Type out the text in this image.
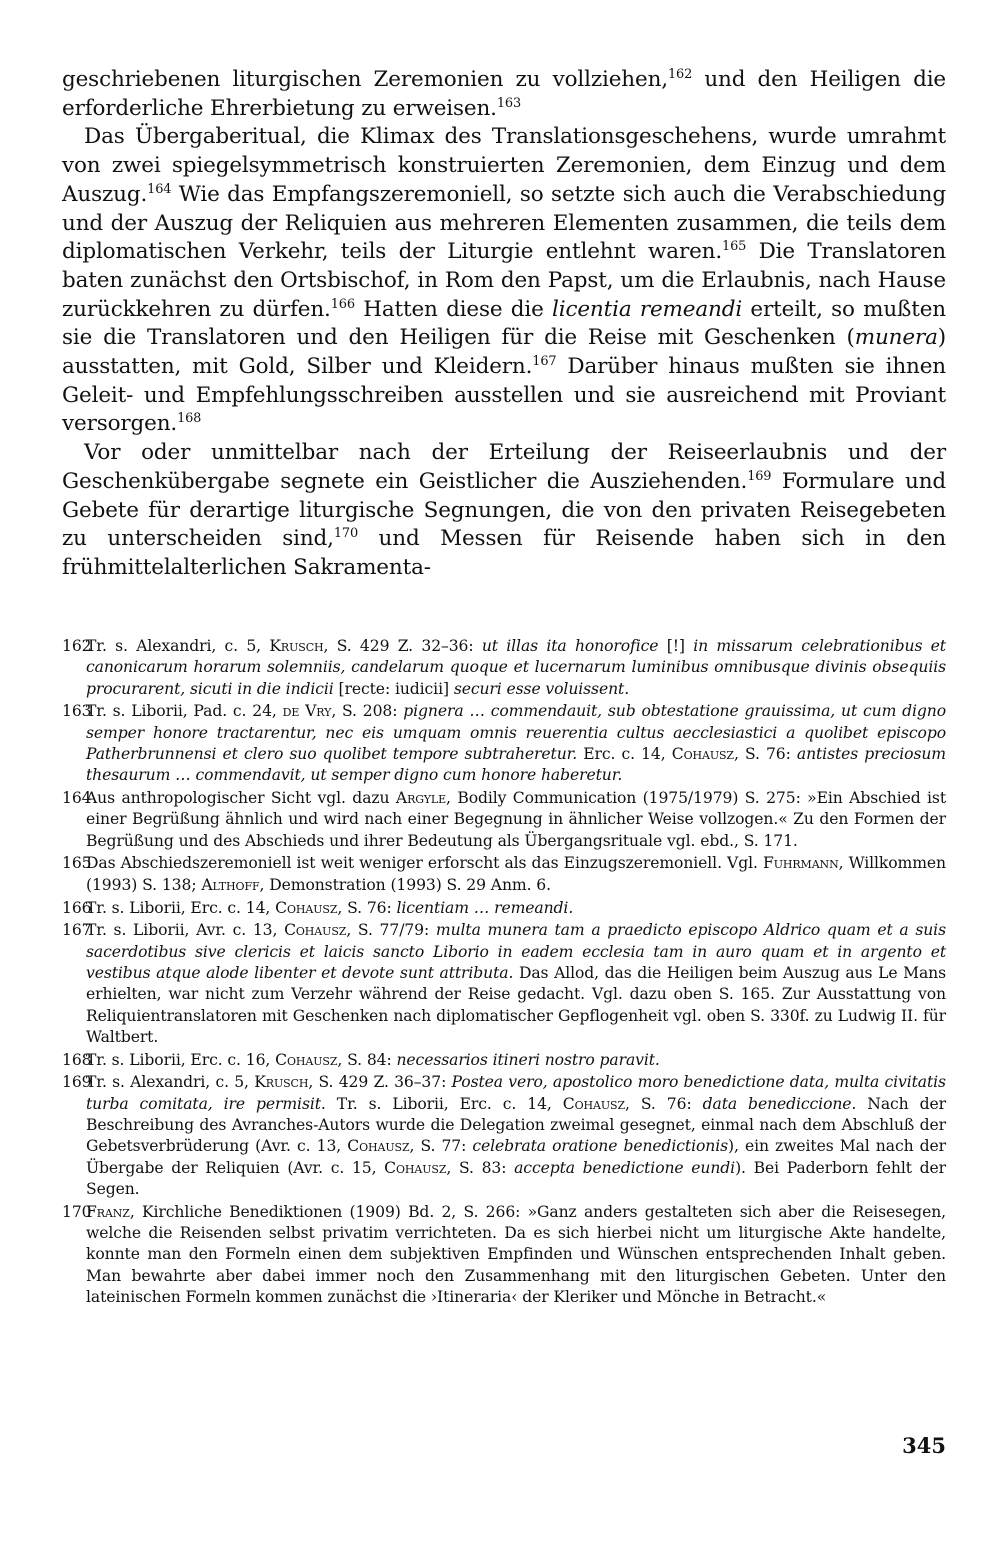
geschriebenen liturgischen Zeremonien zu vollziehen,$^{162}$ und den Heiligen die erforderliche Ehrerbietung zu erweisen.$^{163}$

Das Übergaberitual, die Klimax des Translationsgeschehens, wurde umrahmt von zwei spiegelsymmetrisch konstruierten Zeremonien, dem Einzug und dem Auszug.$^{164}$ Wie das Empfangszeremoniell, so setzte sich auch die Verabschiedung und der Auszug der Reliquien aus mehreren Elementen zusammen, die teils dem diplomatischen Verkehr, teils der Liturgie entlehnt waren.$^{165}$ Die Translatoren baten zunächst den Ortsbischof, in Rom den Papst, um die Erlaubnis, nach Hause zurückkehren zu dürfen.$^{166}$ Hatten diese die licentia remeandi erteilt, so mußten sie die Translatoren und den Heiligen für die Reise mit Geschenken (munera) ausstatten, mit Gold, Silber und Kleidern.$^{167}$ Darüber hinaus mußten sie ihnen Geleit- und Empfehlungsschreiben ausstellen und sie ausreichend mit Proviant versorgen.$^{168}$

Vor oder unmittelbar nach der Erteilung der Reiseerlaubnis und der Geschenkübergabe segnete ein Geistlicher die Ausziehenden.$^{169}$ Formulare und Gebete für derartige liturgische Segnungen, die von den privaten Reisegebeten zu unterscheiden sind,$^{170}$ und Messen für Reisende haben sich in den frühmittelalterlichen Sakramenta-

162
Tr. s. Alexandri, c. 5, Krusch, S. 429 Z. 32–36: ut illas ita honorofice [!] in missarum celebrationibus et canonicarum horarum solemniis, candelarum quoque et lucernarum luminibus omnibusque divinis obsequiis procurarent, sicuti in die indicii [recte: iudicii] securi esse voluissent.
163
Tr. s. Liborii, Pad. c. 24, de Vry, S. 208: pignera … commendauit, sub obtestatione grauissima, ut cum digno semper honore tractarentur, nec eis umquam omnis reuerentia cultus aecclesiastici a quolibet episcopo Patherbrunnensi et clero suo quolibet tempore subtraheretur. Erc. c. 14, Cohausz, S. 76: antistes preciosum thesaurum … commendavit, ut semper digno cum honore haberetur.
164
Aus anthropologischer Sicht vgl. dazu Argyle, Bodily Communication (1975/1979) S. 275: »Ein Abschied ist einer Begrüßung ähnlich und wird nach einer Begegnung in ähnlicher Weise vollzogen.« Zu den Formen der Begrüßung und des Abschieds und ihrer Bedeutung als Übergangsrituale vgl. ebd., S. 171.
165
Das Abschiedszeremoniell ist weit weniger erforscht als das Einzugszeremoniell. Vgl. Fuhrmann, Willkommen (1993) S. 138; Althoff, Demonstration (1993) S. 29 Anm. 6.
166
Tr. s. Liborii, Erc. c. 14, Cohausz, S. 76: licentiam … remeandi.
167
Tr. s. Liborii, Avr. c. 13, Cohausz, S. 77/79: multa munera tam a praedicto episcopo Aldrico quam et a suis sacerdotibus sive clericis et laicis sancto Liborio in eadem ecclesia tam in auro quam et in argento et vestibus atque alode libenter et devote sunt attributa. Das Allod, das die Heiligen beim Auszug aus Le Mans erhielten, war nicht zum Verzehr während der Reise gedacht. Vgl. dazu oben S. 165. Zur Ausstattung von Reliquientranslatoren mit Geschenken nach diplomatischer Gepflogenheit vgl. oben S. 330f. zu Ludwig II. für Waltbert.
168
Tr. s. Liborii, Erc. c. 16, Cohausz, S. 84: necessarios itineri nostro paravit.
169
Tr. s. Alexandri, c. 5, Krusch, S. 429 Z. 36–37: Postea vero, apostolico moro benedictione data, multa civitatis turba comitata, ire permisit. Tr. s. Liborii, Erc. c. 14, Cohausz, S. 76: data benediccione. Nach der Beschreibung des Avranches-Autors wurde die Delegation zweimal gesegnet, einmal nach dem Abschluß der Gebetsverbrüderung (Avr. c. 13, Cohausz, S. 77: celebrata oratione benedictionis), ein zweites Mal nach der Übergabe der Reliquien (Avr. c. 15, Cohausz, S. 83: accepta benedictione eundi). Bei Paderborn fehlt der Segen.
170
Franz, Kirchliche Benediktionen (1909) Bd. 2, S. 266: »Ganz anders gestalteten sich aber die Reisesegen, welche die Reisenden selbst privatim verrichteten. Da es sich hierbei nicht um liturgische Akte handelte, konnte man den Formeln einen dem subjektiven Empfinden und Wünschen entsprechenden Inhalt geben. Man bewahrte aber dabei immer noch den Zusammenhang mit den liturgischen Gebeten. Unter den lateinischen Formeln kommen zunächst die ›Itineraria‹ der Kleriker und Mönche in Betracht.«
345
